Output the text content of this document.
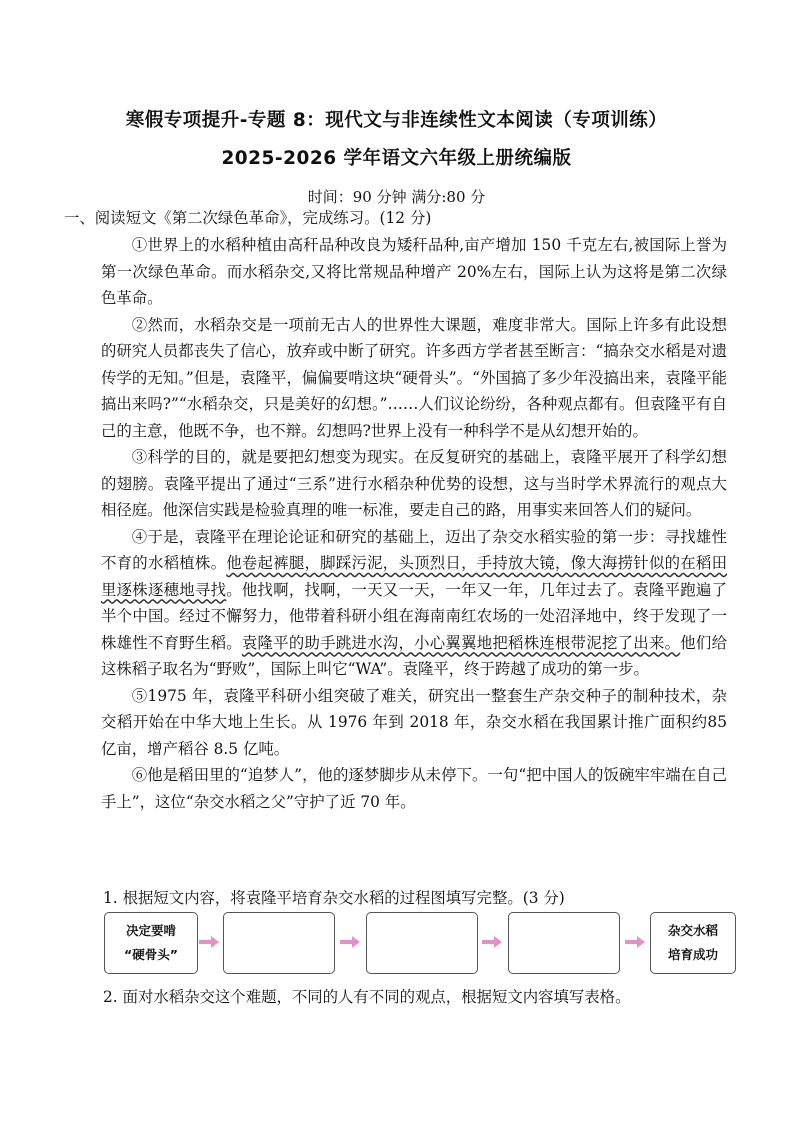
寒假专项提升-专题 8：现代文与非连续性文本阅读（专项训练）
2025-2026 学年语文六年级上册统编版
时间：90 分钟 满分:80 分
一、阅读短文《第二次绿色革命》，完成练习。(12 分)

①世界上的水稻种植由高秆品种改良为矮秆品种,亩产增加 150 千克左右,被国际上誉为第一次绿色革命。而水稻杂交,又将比常规品种增产 20%左右，国际上认为这将是第二次绿色革命。

②然而，水稻杂交是一项前无古人的世界性大课题，难度非常大。国际上许多有此设想的研究人员都丧失了信心，放弃或中断了研究。许多西方学者甚至断言：“搞杂交水稻是对遗传学的无知。”但是，袁隆平，偏偏要啃这块“硬骨头”。“外国搞了多少年没搞出来，袁隆平能搞出来吗?”“水稻杂交，只是美好的幻想。”……人们议论纷纷，各种观点都有。但袁隆平有自己的主意，他既不争，也不辩。幻想吗?世界上没有一种科学不是从幻想开始的。

③科学的目的，就是要把幻想变为现实。在反复研究的基础上，袁隆平展开了科学幻想的翅膀。袁隆平提出了通过“三系”进行水稻杂种优势的设想，这与当时学术界流行的观点大相径庭。他深信实践是检验真理的唯一标准，要走自己的路，用事实来回答人们的疑问。

④于是，袁隆平在理论论证和研究的基础上，迈出了杂交水稻实验的第一步：寻找雄性不育的水稻植株。他卷起裤腿，脚踩污泥，头顶烈日，手持放大镜，像大海捞针似的在稻田里逐株逐穗地寻找。他找啊，找啊，一天又一天，一年又一年，几年过去了。袁隆平跑遍了半个中国。经过不懈努力，他带着科研小组在海南南红农场的一处沼泽地中，终于发现了一株雄性不育野生稻。袁隆平的助手跳进水沟，小心翼翼地把稻株连根带泥挖了出来。他们给这株稻子取名为“野败”，国际上叫它“WA”。袁隆平，终于跨越了成功的第一步。

⑤1975 年，袁隆平科研小组突破了难关，研究出一整套生产杂交种子的制种技术，杂交稻开始在中华大地上生长。从 1976 年到 2018 年，杂交水稻在我国累计推广面积约85 亿亩，增产稻谷 8.5 亿吨。

⑥他是稻田里的“追梦人”，他的逐梦脚步从未停下。一句“把中国人的饭碗牢牢端在自己手上”，这位“杂交水稻之父”守护了近 70 年。

1. 根据短文内容，将袁隆平培育杂交水稻的过程图填写完整。(3 分)
决定要啃
“硬骨头”
杂交水稻
培育成功
2. 面对水稻杂交这个难题，不同的人有不同的观点，根据短文内容填写表格。
